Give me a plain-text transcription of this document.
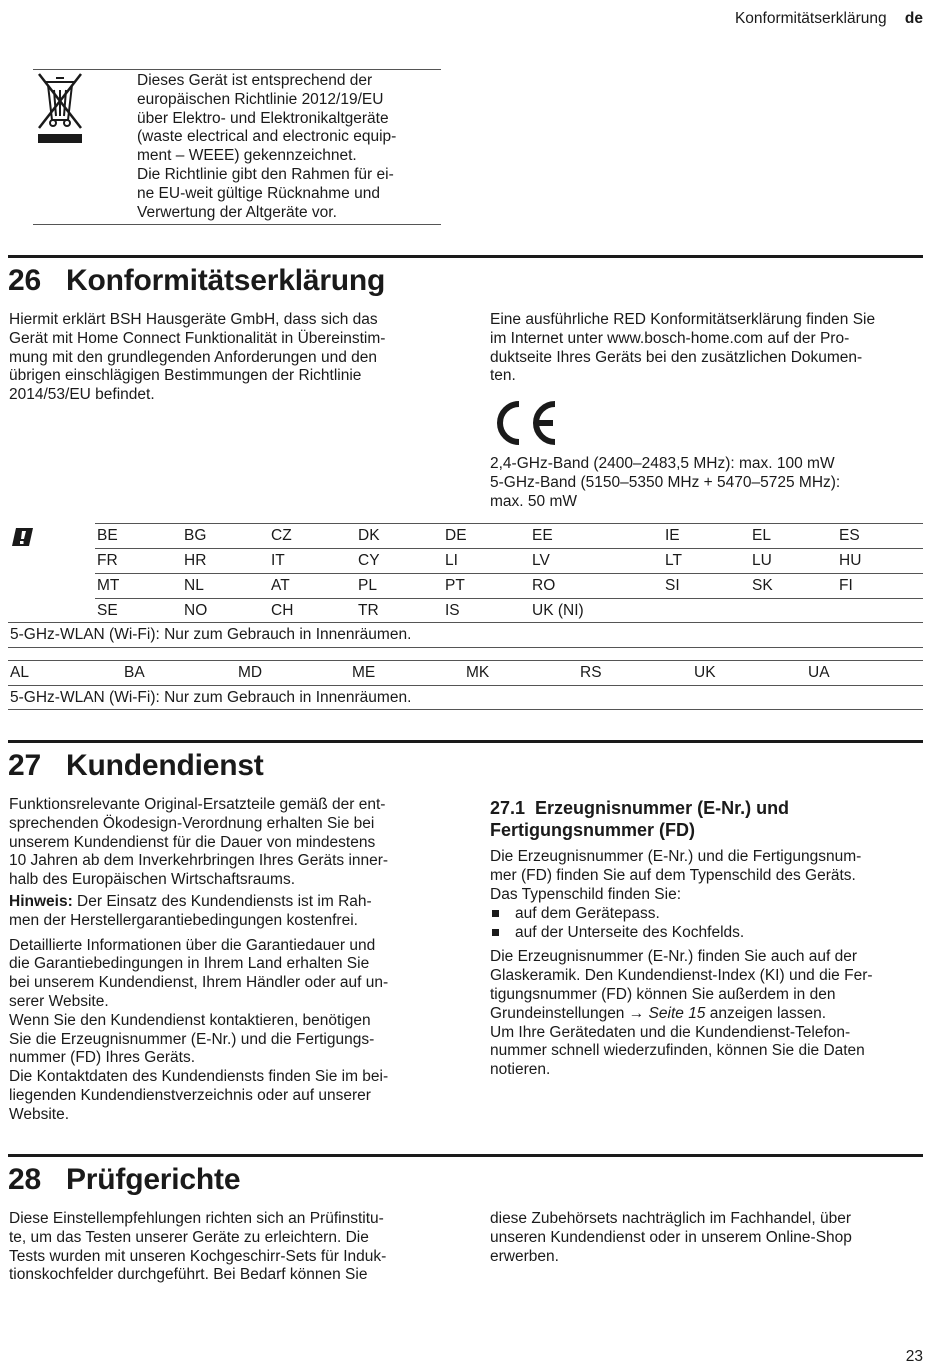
Konformitätserklärung de
Dieses Gerät ist entsprechend der
europäischen Richtlinie 2012/19/EU
über Elektro- und Elektronikaltgeräte
(waste electrical and electronic equip-
ment – WEEE) gekennzeichnet.
Die Richtlinie gibt den Rahmen für ei-
ne EU-weit gültige Rücknahme und
Verwertung der Altgeräte vor.
26 Konformitätserklärung
Hiermit erklärt BSH Hausgeräte GmbH, dass sich das
Gerät mit Home Connect Funktionalität in Übereinstim-
mung mit den grundlegenden Anforderungen und den
übrigen einschlägigen Bestimmungen der Richtlinie
2014/53/EU befindet.
Eine ausführliche RED Konformitätserklärung finden Sie
im Internet unter www.bosch-home.com auf der Pro-
duktseite Ihres Geräts bei den zusätzlichen Dokumen-
ten.
2,4-GHz-Band (2400–2483,5 MHz): max. 100 mW
5-GHz-Band (5150–5350 MHz + 5470–5725 MHz):
max. 50 mW
BE	BG	CZ	DK	DE	EE	IE	EL	ES
FR	HR	IT	CY	LI	LV	LT	LU	HU
MT	NL	AT	PL	PT	RO	SI	SK	FI
SE	NO	CH	TR	IS	UK (NI)			
5-GHz-WLAN (Wi-Fi): Nur zum Gebrauch in Innenräumen.
AL	BA	MD	ME	MK	RS	UK	UA
5-GHz-WLAN (Wi-Fi): Nur zum Gebrauch in Innenräumen.
27 Kundendienst
Funktionsrelevante Original-Ersatzteile gemäß der ent-
sprechenden Ökodesign-Verordnung erhalten Sie bei
unserem Kundendienst für die Dauer von mindestens
10 Jahren ab dem Inverkehrbringen Ihres Geräts inner-
halb des Europäischen Wirtschaftsraums.
Hinweis: Der Einsatz des Kundendiensts ist im Rah-
men der Herstellergarantiebedingungen kostenfrei.
Detaillierte Informationen über die Garantiedauer und
die Garantiebedingungen in Ihrem Land erhalten Sie
bei unserem Kundendienst, Ihrem Händler oder auf un-
serer Website.
Wenn Sie den Kundendienst kontaktieren, benötigen
Sie die Erzeugnisnummer (E-Nr.) und die Fertigungs-
nummer (FD) Ihres Geräts.
Die Kontaktdaten des Kundendiensts finden Sie im bei-
liegenden Kundendienstverzeichnis oder auf unserer
Website.
27.1  Erzeugnisnummer (E-Nr.) und
Fertigungsnummer (FD)
Die Erzeugnisnummer (E-Nr.) und die Fertigungsnum-
mer (FD) finden Sie auf dem Typenschild des Geräts.
Das Typenschild finden Sie:
auf dem Gerätepass.
auf der Unterseite des Kochfelds.
Die Erzeugnisnummer (E-Nr.) finden Sie auch auf der
Glaskeramik. Den Kundendienst-Index (KI) und die Fer-
tigungsnummer (FD) können Sie außerdem in den
Grundeinstellungen → Seite 15 anzeigen lassen.
Um Ihre Gerätedaten und die Kundendienst-Telefon-
nummer schnell wiederzufinden, können Sie die Daten
notieren.
28 Prüfgerichte
Diese Einstellempfehlungen richten sich an Prüfinstitu-
te, um das Testen unserer Geräte zu erleichtern. Die
Tests wurden mit unseren Kochgeschirr-Sets für Induk-
tionskochfelder durchgeführt. Bei Bedarf können Sie
diese Zubehörsets nachträglich im Fachhandel, über
unseren Kundendienst oder in unserem Online-Shop
erwerben.
23
